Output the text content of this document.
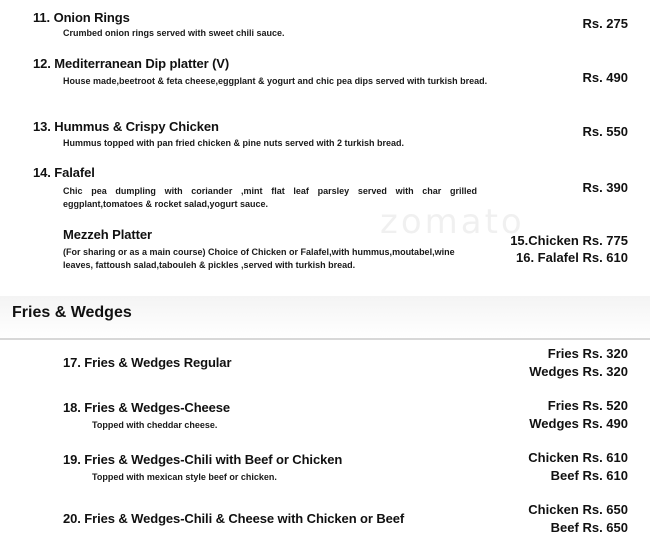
zomato
11. Onion Rings
Crumbed onion rings served with sweet chili sauce.
Rs. 275
12. Mediterranean Dip platter (V)
House made,beetroot & feta cheese,eggplant & yogurt and chic pea dips served with turkish bread.	Rs. 490
13. Hummus & Crispy Chicken
Hummus topped with pan fried chicken & pine nuts served with 2 turkish bread.
Rs. 550
14. Falafel
Chic pea dumpling with coriander ,mint flat leaf parsley served with char grilled eggplant,tomatoes & rocket salad,yogurt sauce.
Rs. 390
Mezzeh Platter
(For sharing or as a main course) Choice of Chicken or Falafel,with hummus,moutabel,wine leaves, fattoush salad,tabouleh & pickles ,served with turkish bread.
15.Chicken Rs. 775
16. Falafel Rs. 610
Fries & Wedges
17. Fries & Wedges Regular
Fries Rs. 320
Wedges Rs. 320
18. Fries & Wedges-Cheese
Topped with cheddar cheese.
Fries Rs. 520
Wedges Rs. 490
19. Fries & Wedges-Chili with Beef or Chicken
Topped with mexican style beef or chicken.
Chicken Rs. 610
Beef Rs. 610
20. Fries & Wedges-Chili & Cheese with Chicken or Beef
Chicken Rs. 650
Beef Rs. 650
